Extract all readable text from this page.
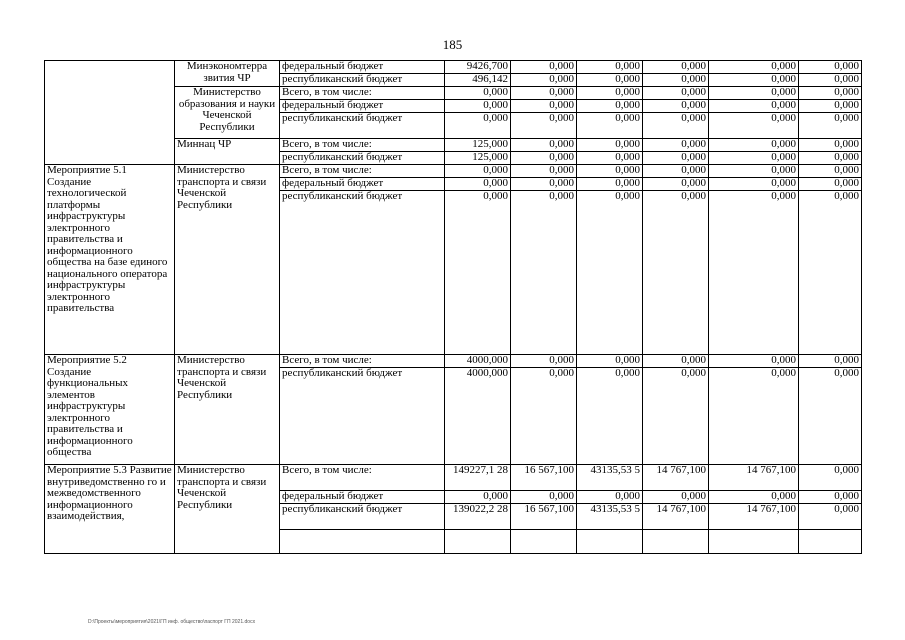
185
	Минэкономтерра звития ЧР	федеральный бюджет	9426,700	0,000	0,000	0,000	0,000	0,000
		республиканский бюджет	496,142	0,000	0,000	0,000	0,000	0,000
	Министерство образования и науки Чеченской Республики	Всего, в том числе:	0,000	0,000	0,000	0,000	0,000	0,000
		федеральный бюджет	0,000	0,000	0,000	0,000	0,000	0,000
		республиканский бюджет	0,000	0,000	0,000	0,000	0,000	0,000
	Миннац ЧР	Всего, в том числе:	125,000	0,000	0,000	0,000	0,000	0,000
		республиканский бюджет	125,000	0,000	0,000	0,000	0,000	0,000
Мероприятие 5.1 Создание технологической платформы инфраструктуры электронного правительства и информационного общества на базе единого национального оператора инфраструктуры электронного правительства	Министерство транспорта и связи Чеченской Республики	Всего, в том числе:	0,000	0,000	0,000	0,000	0,000	0,000
		федеральный бюджет	0,000	0,000	0,000	0,000	0,000	0,000
		республиканский бюджет	0,000	0,000	0,000	0,000	0,000	0,000
Мероприятие 5.2 Создание функциональных элементов инфраструктуры электронного правительства и информационного общества	Министерство транспорта и связи Чеченской Республики	Всего, в том числе:	4000,000	0,000	0,000	0,000	0,000	0,000
		республиканский бюджет	4000,000	0,000	0,000	0,000	0,000	0,000
Мероприятие 5.3 Развитие внутриведомственно го и межведомственного информационного взаимодействия,	Министерство транспорта и связи Чеченской Республики	Всего, в том числе:	149227,1 28	16 567,100	43135,53 5	14 767,100	14 767,100	0,000
		федеральный бюджет	0,000	0,000	0,000	0,000	0,000	0,000
		республиканский бюджет	139022,2 28	16 567,100	43135,53 5	14 767,100	14 767,100	0,000

D:\Проекты\мероприятия\2021\ГП инф. общество\паспорт ГП 2021.docx
